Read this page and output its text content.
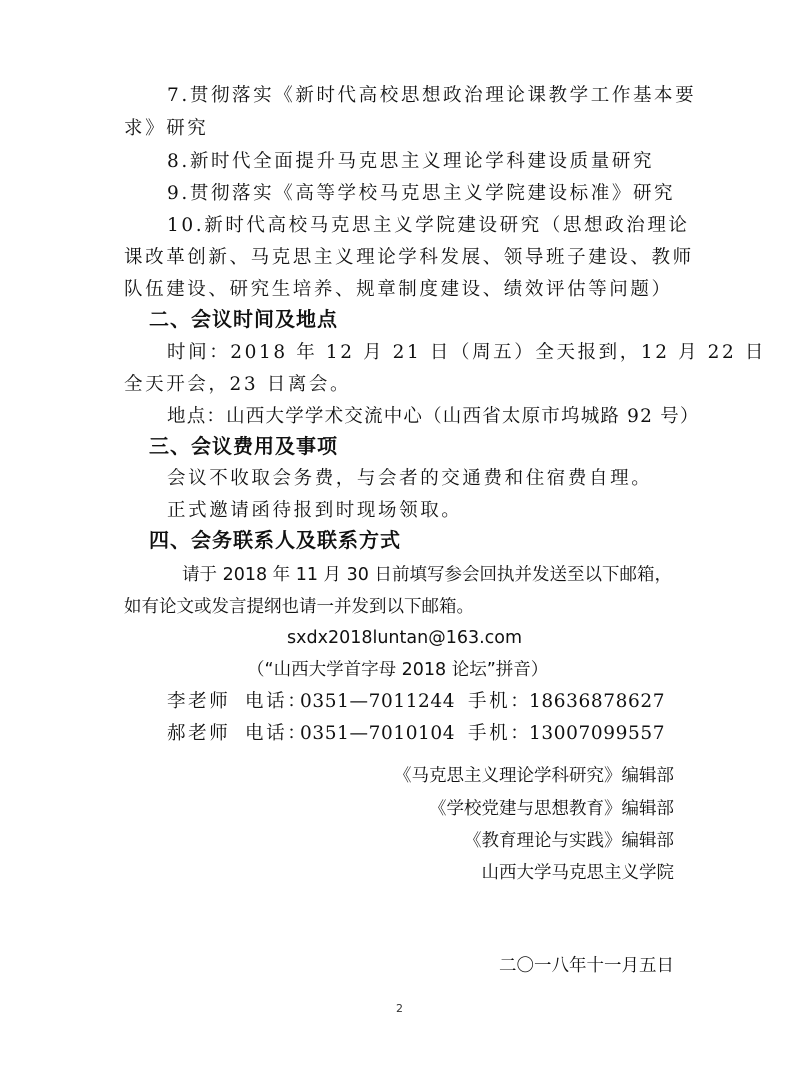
7.贯彻落实《新时代高校思想政治理论课教学工作基本要
求》研究
8.新时代全面提升马克思主义理论学科建设质量研究
9.贯彻落实《高等学校马克思主义学院建设标准》研究
10.新时代高校马克思主义学院建设研究（思想政治理论
课改革创新、马克思主义理论学科发展、领导班子建设、教师
队伍建设、研究生培养、规章制度建设、绩效评估等问题）
二、会议时间及地点
时间：2018 年 12 月 21 日（周五）全天报到，12 月 22 日
全天开会，23 日离会。
地点：山西大学学术交流中心（山西省太原市坞城路 92 号）
三、会议费用及事项
会议不收取会务费，与会者的交通费和住宿费自理。
正式邀请函待报到时现场领取。
四、会务联系人及联系方式
请于 2018 年 11 月 30 日前填写参会回执并发送至以下邮箱，
如有论文或发言提纲也请一并发到以下邮箱。
sxdx2018luntan@163.com
（“山西大学首字母 2018 论坛”拼音）
李老师 电话：
0351—7011244 手机：
18636878627
郝老师 电话：
0351—7010104 手机：
13007099557
《马克思主义理论学科研究》编辑部
《学校党建与思想教育》编辑部
《教育理论与实践》编辑部
山西大学马克思主义学院
二〇一八年十一月五日
2
